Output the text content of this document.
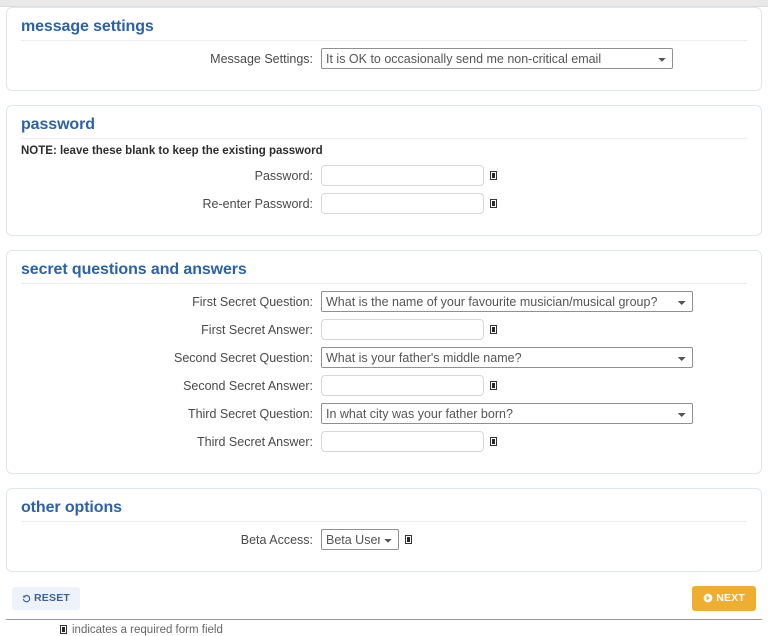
message settings
Message Settings:
It is OK to occasionally send me non-critical email
password
NOTE: leave these blank to keep the existing password
Password:
Re-enter Password:
secret questions and answers
First Secret Question:
What is the name of your favourite musician/musical group?
First Secret Answer:
Second Secret Question:
What is your father's middle name?
Second Secret Answer:
Third Secret Question:
In what city was your father born?
Third Secret Answer:
other options
Beta Access:
Beta User
RESET	NEXT
indicates a required form field
